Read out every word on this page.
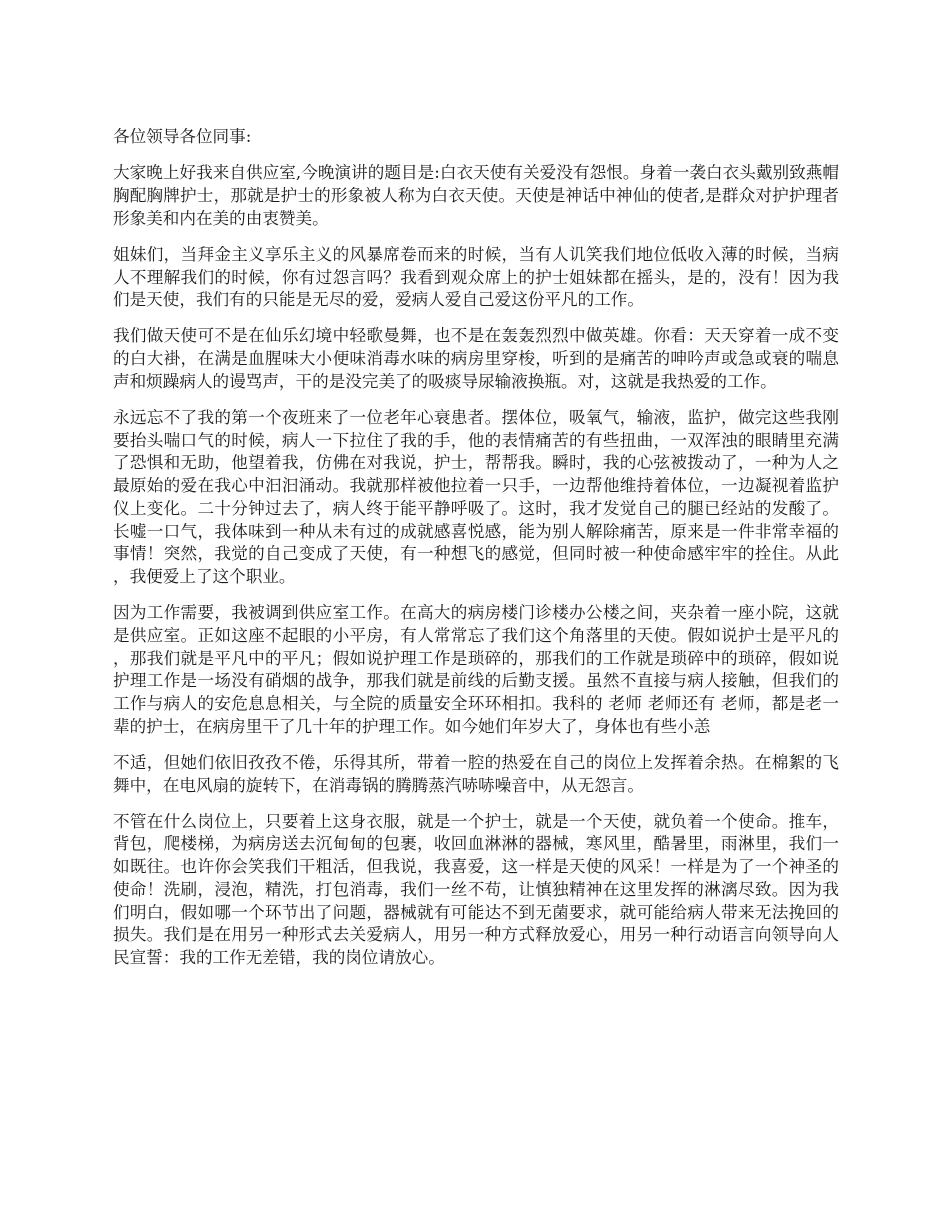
各位领导各位同事:

大家晚上好我来自供应室,今晚演讲的题目是:白衣天使有关爱没有怨恨。身着一袭白衣头戴别致燕帽胸配胸牌护士，那就是护士的形象被人称为白衣天使。天使是神话中神仙的使者,是群众对护护理者形象美和内在美的由衷赞美。

姐妹们，当拜金主义享乐主义的风暴席卷而来的时候，当有人讥笑我们地位低收入薄的时候，当病人不理解我们的时候，你有过怨言吗？我看到观众席上的护士姐妹都在摇头，是的，没有！因为我们是天使，我们有的只能是无尽的爱，爱病人爱自己爱这份平凡的工作。

我们做天使可不是在仙乐幻境中轻歌曼舞，也不是在轰轰烈烈中做英雄。你看：天天穿着一成不变的白大褂，在满是血腥味大小便味消毒水味的病房里穿梭，听到的是痛苦的呻吟声或急或衰的喘息声和烦躁病人的谩骂声，干的是没完美了的吸痰导尿输液换瓶。对，这就是我热爱的工作。

永远忘不了我的第一个夜班来了一位老年心衰患者。摆体位，吸氧气，输液，监护，做完这些我刚要抬头喘口气的时候，病人一下拉住了我的手，他的表情痛苦的有些扭曲，一双浑浊的眼睛里充满了恐惧和无助，他望着我，仿佛在对我说，护士，帮帮我。瞬时，我的心弦被拨动了，一种为人之最原始的爱在我心中汩汩涌动。我就那样被他拉着一只手，一边帮他维持着体位，一边凝视着监护仪上变化。二十分钟过去了，病人终于能平静呼吸了。这时，我才发觉自己的腿已经站的发酸了。长嘘一口气，我体味到一种从未有过的成就感喜悦感，能为别人解除痛苦，原来是一件非常幸福的事情！突然，我觉的自己变成了天使，有一种想飞的感觉，但同时被一种使命感牢牢的拴住。从此，我便爱上了这个职业。

因为工作需要，我被调到供应室工作。在高大的病房楼门诊楼办公楼之间，夹杂着一座小院，这就是供应室。正如这座不起眼的小平房，有人常常忘了我们这个角落里的天使。假如说护士是平凡的，那我们就是平凡中的平凡；假如说护理工作是琐碎的，那我们的工作就是琐碎中的琐碎，假如说护理工作是一场没有硝烟的战争，那我们就是前线的后勤支援。虽然不直接与病人接触，但我们的工作与病人的安危息息相关，与全院的质量安全环环相扣。我科的 老师 老师还有 老师，都是老一辈的护士，在病房里干了几十年的护理工作。如今她们年岁大了，身体也有些小恙

不适，但她们依旧孜孜不倦，乐得其所，带着一腔的热爱在自己的岗位上发挥着余热。在棉絮的飞舞中，在电风扇的旋转下，在消毒锅的腾腾蒸汽哧哧噪音中，从无怨言。

不管在什么岗位上，只要着上这身衣服，就是一个护士，就是一个天使，就负着一个使命。推车，背包，爬楼梯，为病房送去沉甸甸的包裹，收回血淋淋的器械，寒风里，酷暑里，雨淋里，我们一如既往。也许你会笑我们干粗活，但我说，我喜爱，这一样是天使的风采！一样是为了一个神圣的使命！洗刷，浸泡，精洗，打包消毒，我们一丝不苟，让慎独精神在这里发挥的淋漓尽致。因为我们明白，假如哪一个环节出了问题，器械就有可能达不到无菌要求，就可能给病人带来无法挽回的损失。我们是在用另一种形式去关爱病人，用另一种方式释放爱心，用另一种行动语言向领导向人民宣誓：我的工作无差错，我的岗位请放心。
